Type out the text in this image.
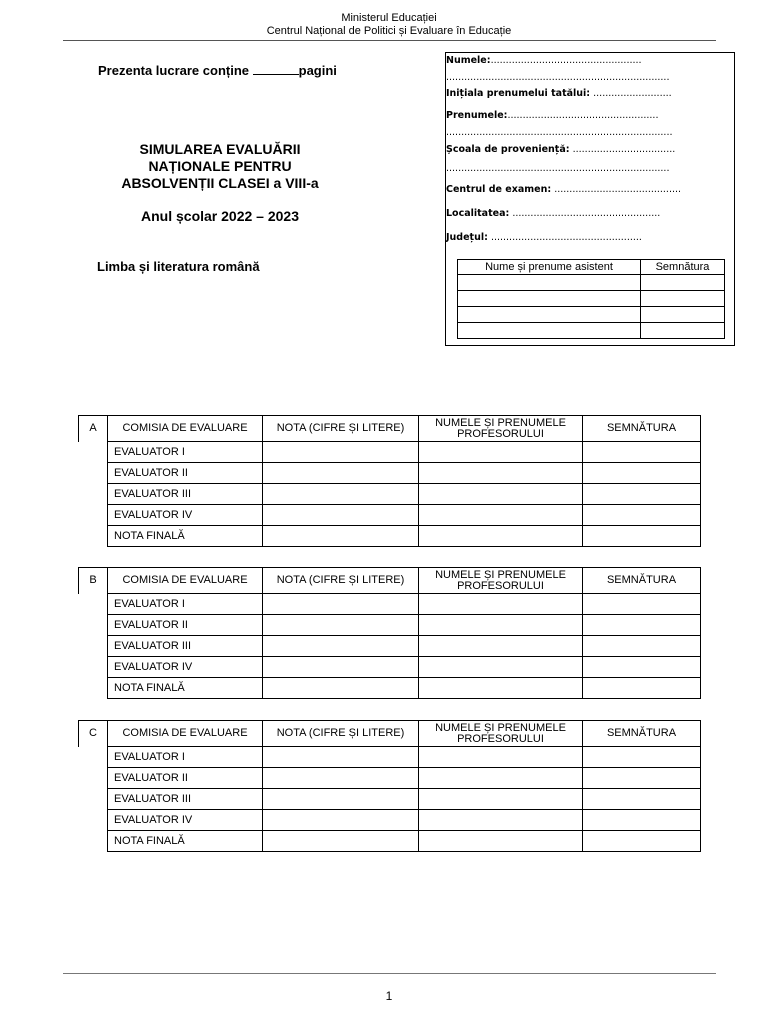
Ministerul Educației
Centrul Național de Politici și Evaluare în Educație
Prezenta lucrare conține	pagini
SIMULAREA EVALUĂRII
NAȚIONALE PENTRU
ABSOLVENȚII CLASEI a VIII-a
Anul școlar 2022 – 2023
Limba și literatura română
Numele:..................................................
..........................................................................
Inițiala prenumelui tatălui: ..........................
Prenumele:..................................................
...........................................................................
Școala de proveniență: ..................................
..........................................................................
Centrul de examen: ..........................................
Localitatea: .................................................
Județul: ..................................................
Nume și prenume asistent	Semnătura

A	COMISIA DE EVALUARE	NOTA (CIFRE ȘI LITERE)	NUMELE ȘI PRENUMELE PROFESORULUI	SEMNĂTURA
	EVALUATOR I			
	EVALUATOR II			
	EVALUATOR III			
	EVALUATOR IV			
	NOTA FINALĂ			
B	COMISIA DE EVALUARE	NOTA (CIFRE ȘI LITERE)	NUMELE ȘI PRENUMELE PROFESORULUI	SEMNĂTURA
	EVALUATOR I			
	EVALUATOR II			
	EVALUATOR III			
	EVALUATOR IV			
	NOTA FINALĂ			
C	COMISIA DE EVALUARE	NOTA (CIFRE ȘI LITERE)	NUMELE ȘI PRENUMELE PROFESORULUI	SEMNĂTURA
	EVALUATOR I			
	EVALUATOR II			
	EVALUATOR III			
	EVALUATOR IV			
	NOTA FINALĂ			
1
